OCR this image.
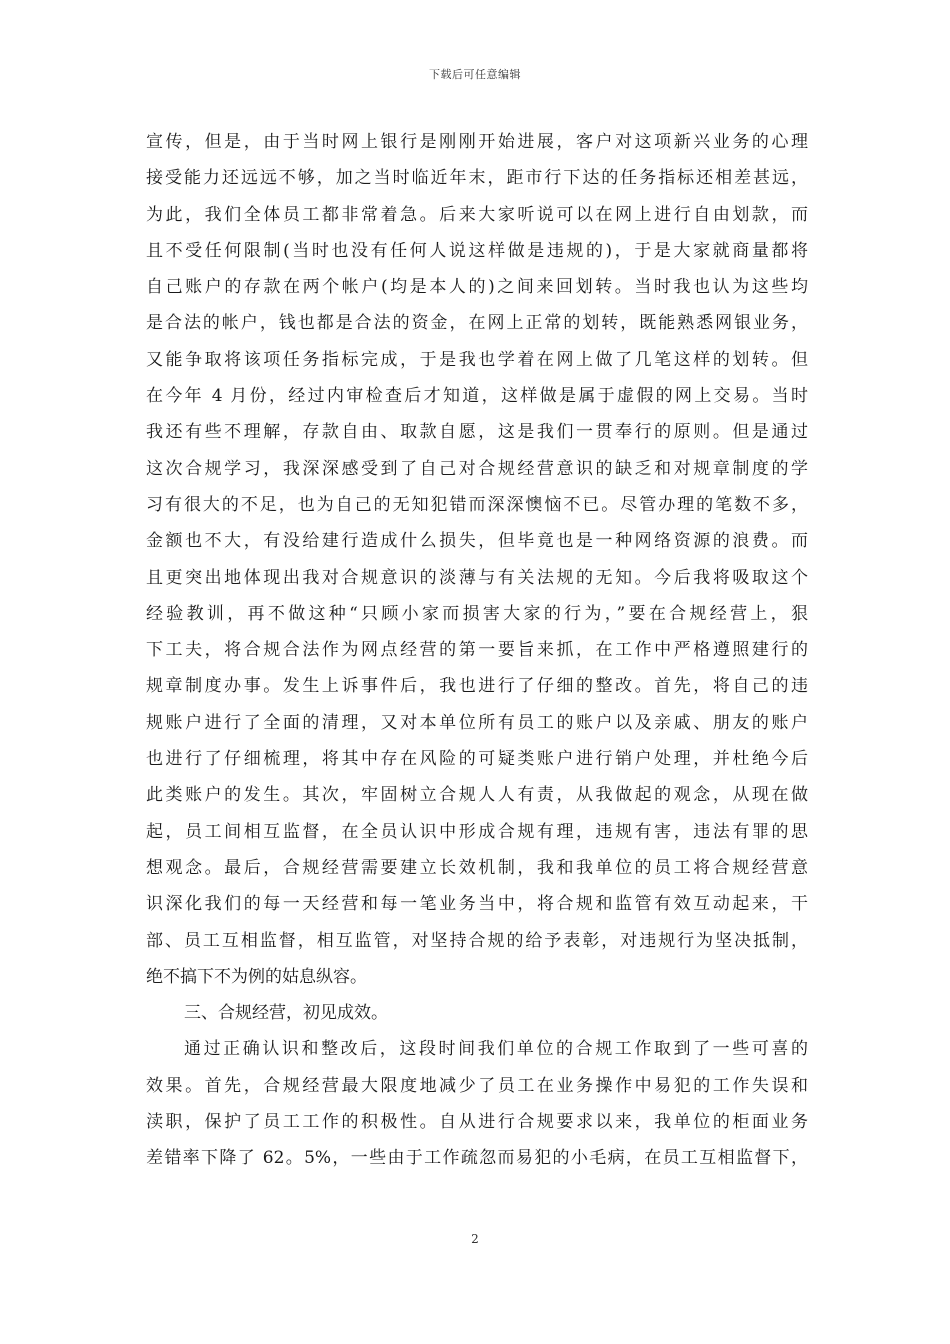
下载后可任意编辑
宣传，但是，由于当时网上银行是刚刚开始进展，客户对这项新兴业务的心理
接受能力还远远不够，加之当时临近年末，距市行下达的任务指标还相差甚远，
为此，我们全体员工都非常着急。后来大家听说可以在网上进行自由划款，而
且不受任何限制(当时也没有任何人说这样做是违规的)，于是大家就商量都将
自己账户的存款在两个帐户(均是本人的)之间来回划转。当时我也认为这些均
是合法的帐户，钱也都是合法的资金，在网上正常的划转，既能熟悉网银业务，
又能争取将该项任务指标完成，于是我也学着在网上做了几笔这样的划转。但
在今年 4 月份，经过内审检查后才知道，这样做是属于虚假的网上交易。当时
我还有些不理解，存款自由、取款自愿，这是我们一贯奉行的原则。但是通过
这次合规学习，我深深感受到了自己对合规经营意识的缺乏和对规章制度的学
习有很大的不足，也为自己的无知犯错而深深懊恼不已。尽管办理的笔数不多，
金额也不大，有没给建行造成什么损失，但毕竟也是一种网络资源的浪费。而
且更突出地体现出我对合规意识的淡薄与有关法规的无知。今后我将吸取这个
经验教训，再不做这种“只顾小家而损害大家的行为，”要在合规经营上，狠
下工夫，将合规合法作为网点经营的第一要旨来抓，在工作中严格遵照建行的
规章制度办事。发生上诉事件后，我也进行了仔细的整改。首先，将自己的违
规账户进行了全面的清理，又对本单位所有员工的账户以及亲戚、朋友的账户
也进行了仔细梳理，将其中存在风险的可疑类账户进行销户处理，并杜绝今后
此类账户的发生。其次，牢固树立合规人人有责，从我做起的观念，从现在做
起，员工间相互监督，在全员认识中形成合规有理，违规有害，违法有罪的思
想观念。最后，合规经营需要建立长效机制，我和我单位的员工将合规经营意
识深化我们的每一天经营和每一笔业务当中，将合规和监管有效互动起来，干
部、员工互相监督，相互监管，对坚持合规的给予表彰，对违规行为坚决抵制，
绝不搞下不为例的姑息纵容。
三、合规经营，初见成效。
通过正确认识和整改后，这段时间我们单位的合规工作取到了一些可喜的
效果。首先，合规经营最大限度地减少了员工在业务操作中易犯的工作失误和
渎职，保护了员工工作的积极性。自从进行合规要求以来，我单位的柜面业务
差错率下降了 62。5%，一些由于工作疏忽而易犯的小毛病，在员工互相监督下，
2
